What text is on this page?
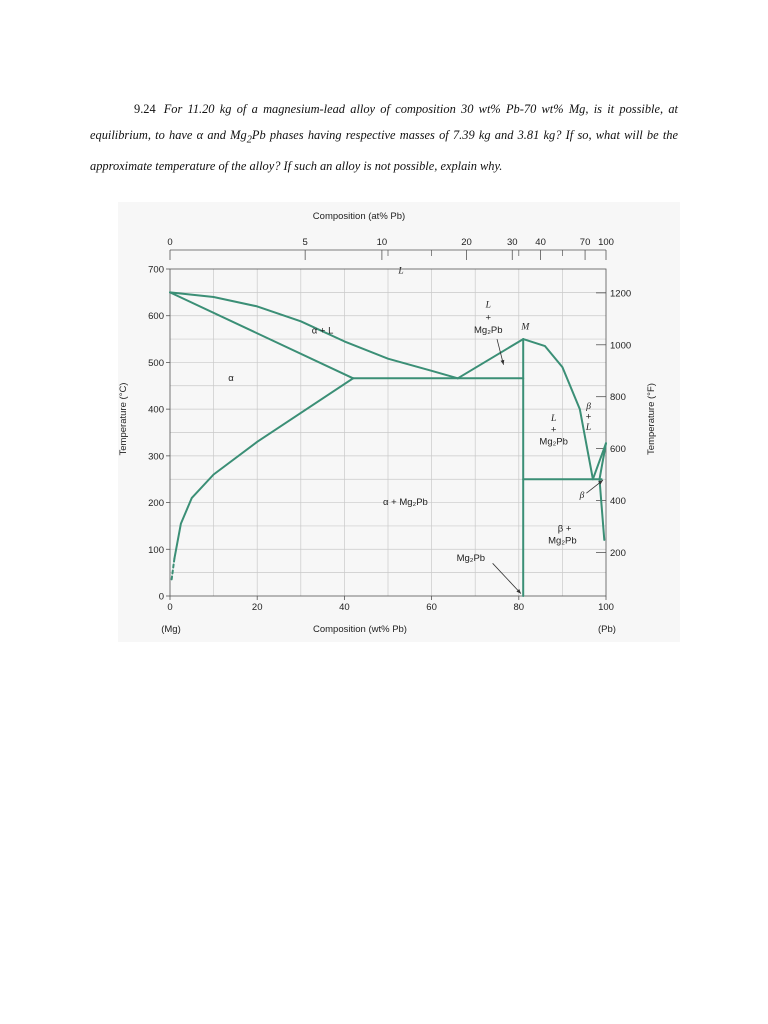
9.24 For 11.20 kg of a magnesium-lead alloy of composition 30 wt% Pb-70 wt% Mg, is it possible, at equilibrium, to have α and $Mg_2Pb$ phases having respective masses of 7.39 kg and 3.81 kg? If so, what will be the approximate temperature of the alloy? If such an alloy is not possible, explain why.
0	20	40	60	80	100
0
100
200
300
400
500
600
700
200
400
600
800
1000
1200
0	5	10	20	30 40	70 100
L
α + L
α
α + Mg₂Pb
L
+
Mg₂Pb M
L
+
Mg₂Pb
β
+
L
β
β +
Mg₂Pb
Mg₂Pb
Composition (at% Pb)
Composition (wt% Pb)
(Mg)	(Pb)
Temperature (°C)	Temperature (°F)
